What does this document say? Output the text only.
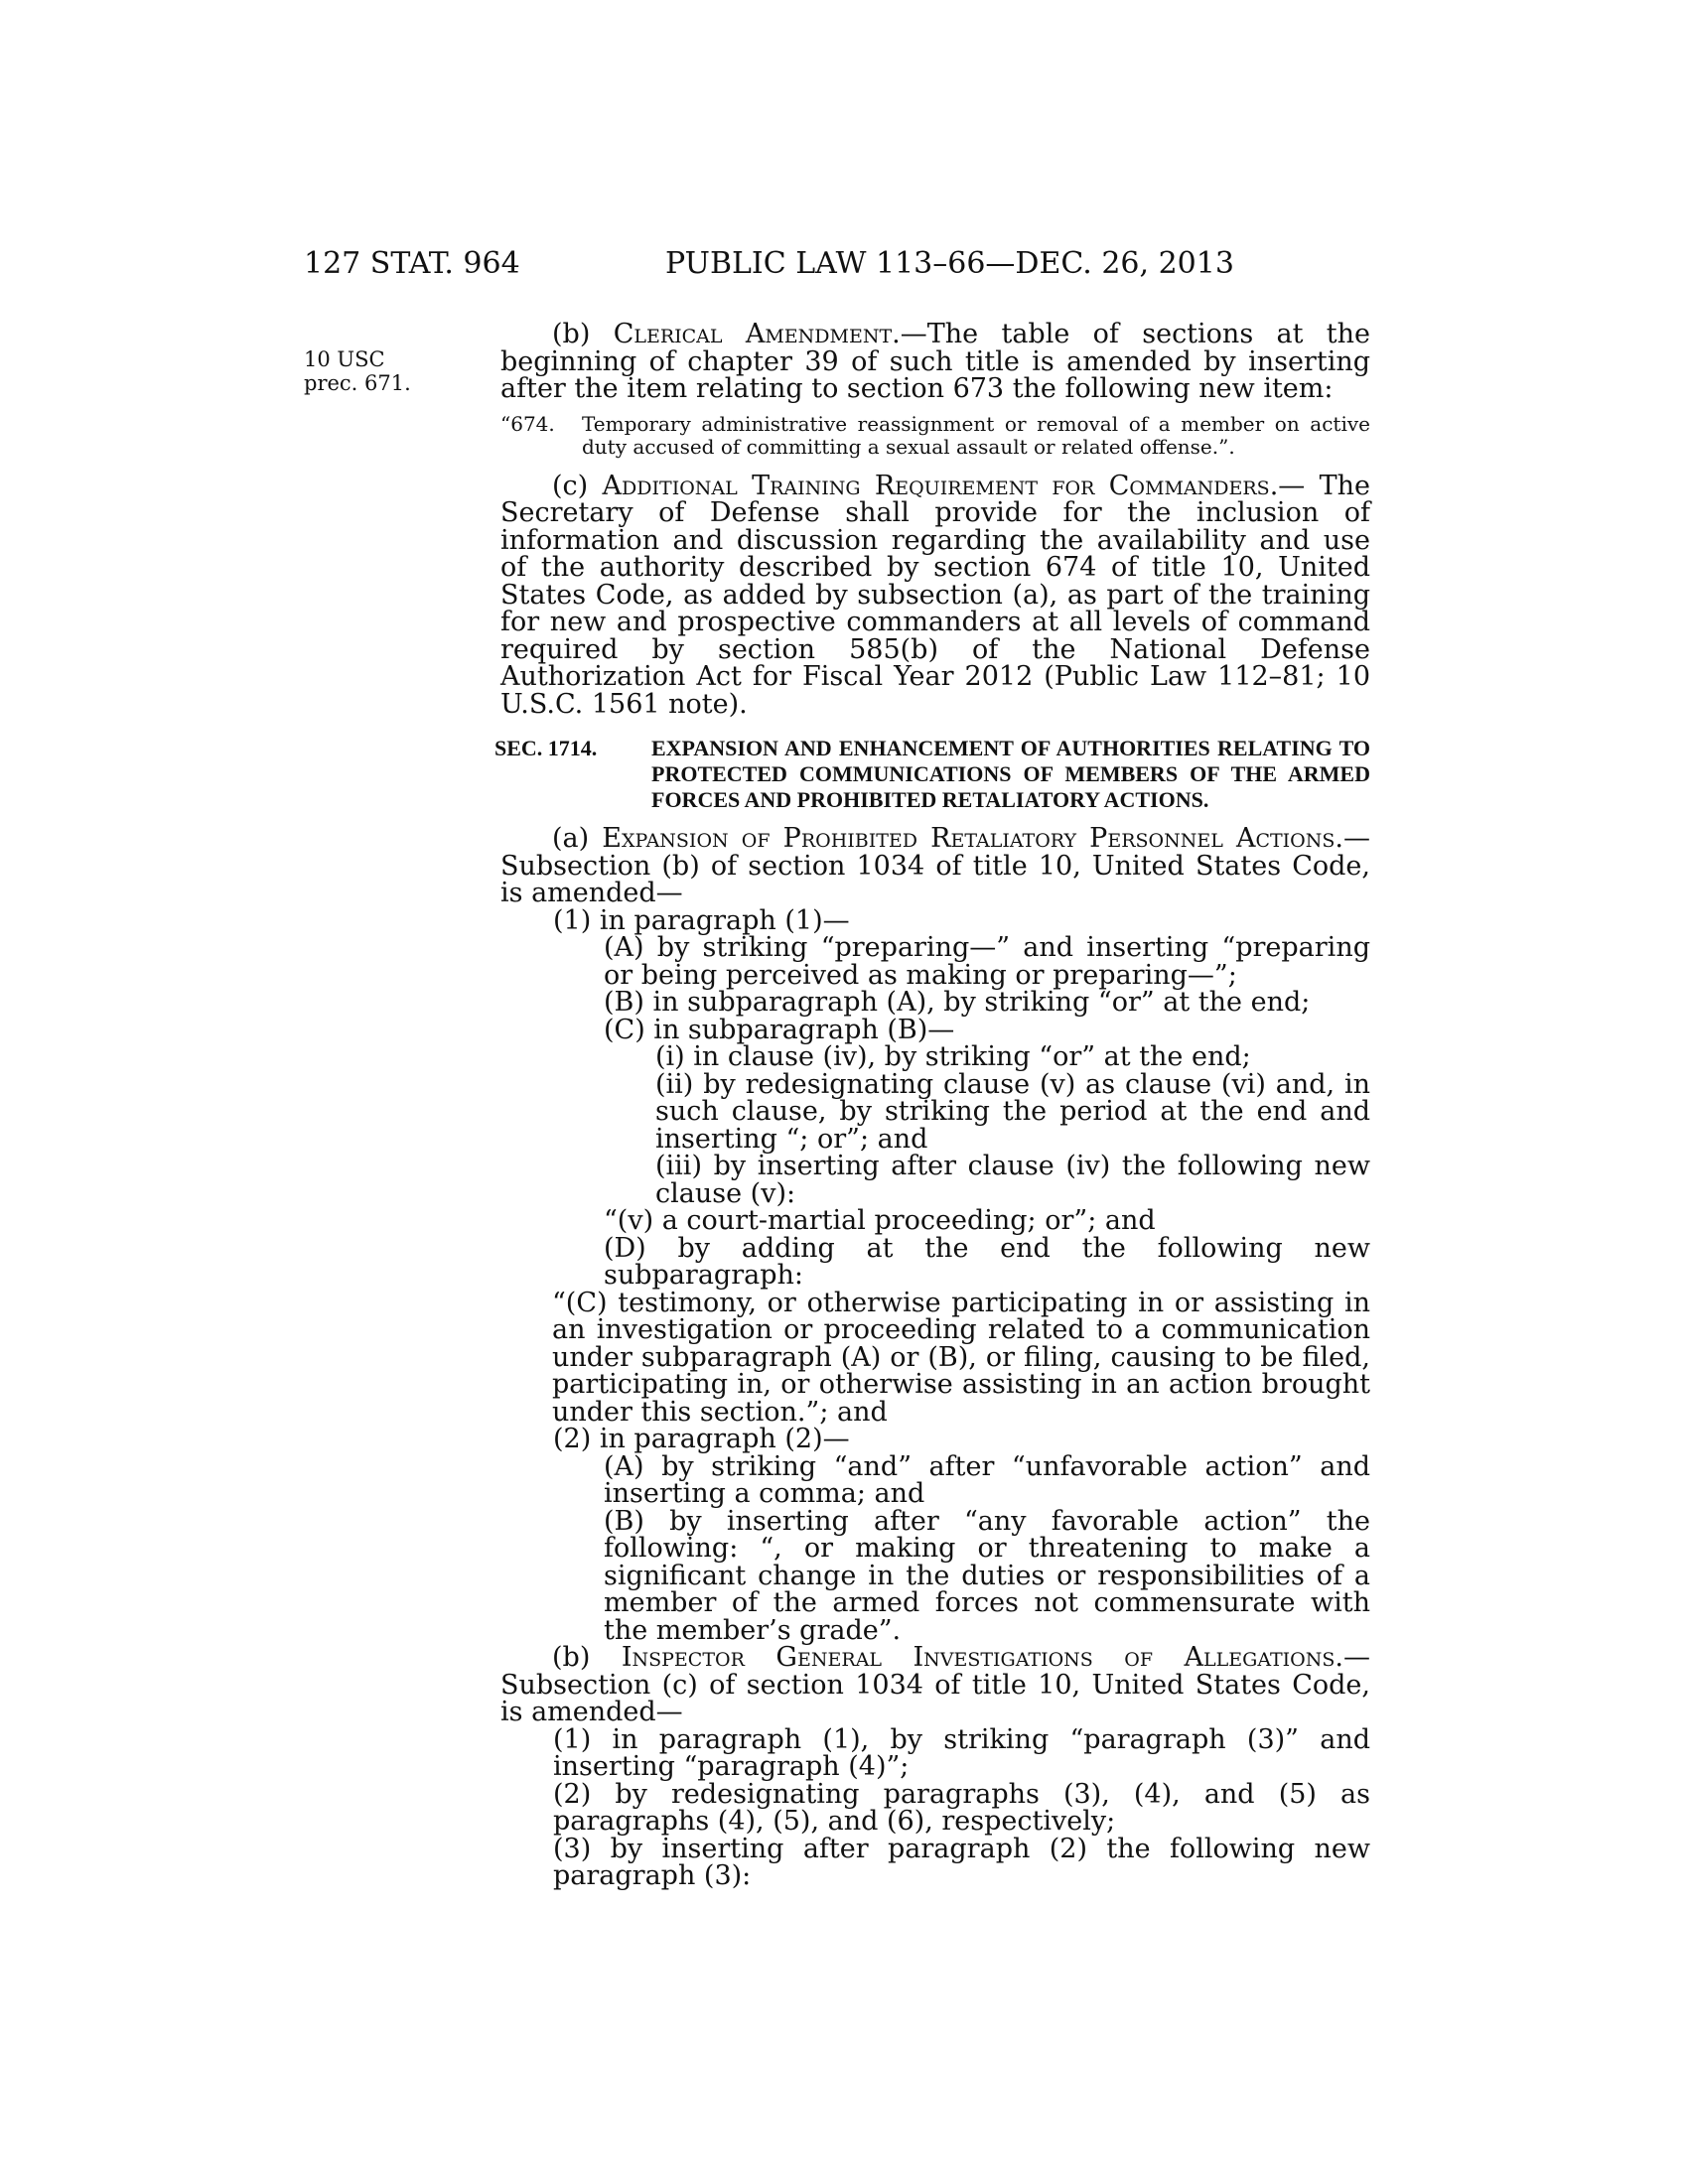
127 STAT. 964	PUBLIC LAW 113–66—DEC. 26, 2013
10 USC
prec. 671.

(b) Clerical Amendment.—The table of sections at the beginning of chapter 39 of such title is amended by inserting after the item relating to section 673 the following new item:

“674. Temporary administrative reassignment or removal of a member on active duty accused of committing a sexual assault or related offense.”.

(c) Additional Training Requirement for Commanders.— The Secretary of Defense shall provide for the inclusion of information and discussion regarding the availability and use of the authority described by section 674 of title 10, United States Code, as added by subsection (a), as part of the training for new and prospective commanders at all levels of command required by section 585(b) of the National Defense Authorization Act for Fiscal Year 2012 (Public Law 112–81; 10 U.S.C. 1561 note).

SEC. 1714.	EXPANSION AND ENHANCEMENT OF AUTHORITIES RELATING TO PROTECTED COMMUNICATIONS OF MEMBERS OF THE ARMED FORCES AND PROHIBITED RETALIATORY ACTIONS.

(a) Expansion of Prohibited Retaliatory Personnel Actions.—Subsection (b) of section 1034 of title 10, United States Code, is amended—

(1) in paragraph (1)—

(A) by striking “preparing—” and inserting “preparing or being perceived as making or preparing—”;

(B) in subparagraph (A), by striking “or” at the end;

(C) in subparagraph (B)—

(i) in clause (iv), by striking “or” at the end;

(ii) by redesignating clause (v) as clause (vi) and, in such clause, by striking the period at the end and inserting “; or”; and

(iii) by inserting after clause (iv) the following new clause (v):

“(v) a court-martial proceeding; or”; and

(D) by adding at the end the following new subparagraph:

“(C) testimony, or otherwise participating in or assisting in an investigation or proceeding related to a communication under subparagraph (A) or (B), or filing, causing to be filed, participating in, or otherwise assisting in an action brought under this section.”; and

(2) in paragraph (2)—

(A) by striking “and” after “unfavorable action” and inserting a comma; and

(B) by inserting after “any favorable action” the following: “, or making or threatening to make a significant change in the duties or responsibilities of a member of the armed forces not commensurate with the member’s grade”.

(b) Inspector General Investigations of Allegations.— Subsection (c) of section 1034 of title 10, United States Code, is amended—

(1) in paragraph (1), by striking “paragraph (3)” and inserting “paragraph (4)”;

(2) by redesignating paragraphs (3), (4), and (5) as paragraphs (4), (5), and (6), respectively;

(3) by inserting after paragraph (2) the following new paragraph (3):
